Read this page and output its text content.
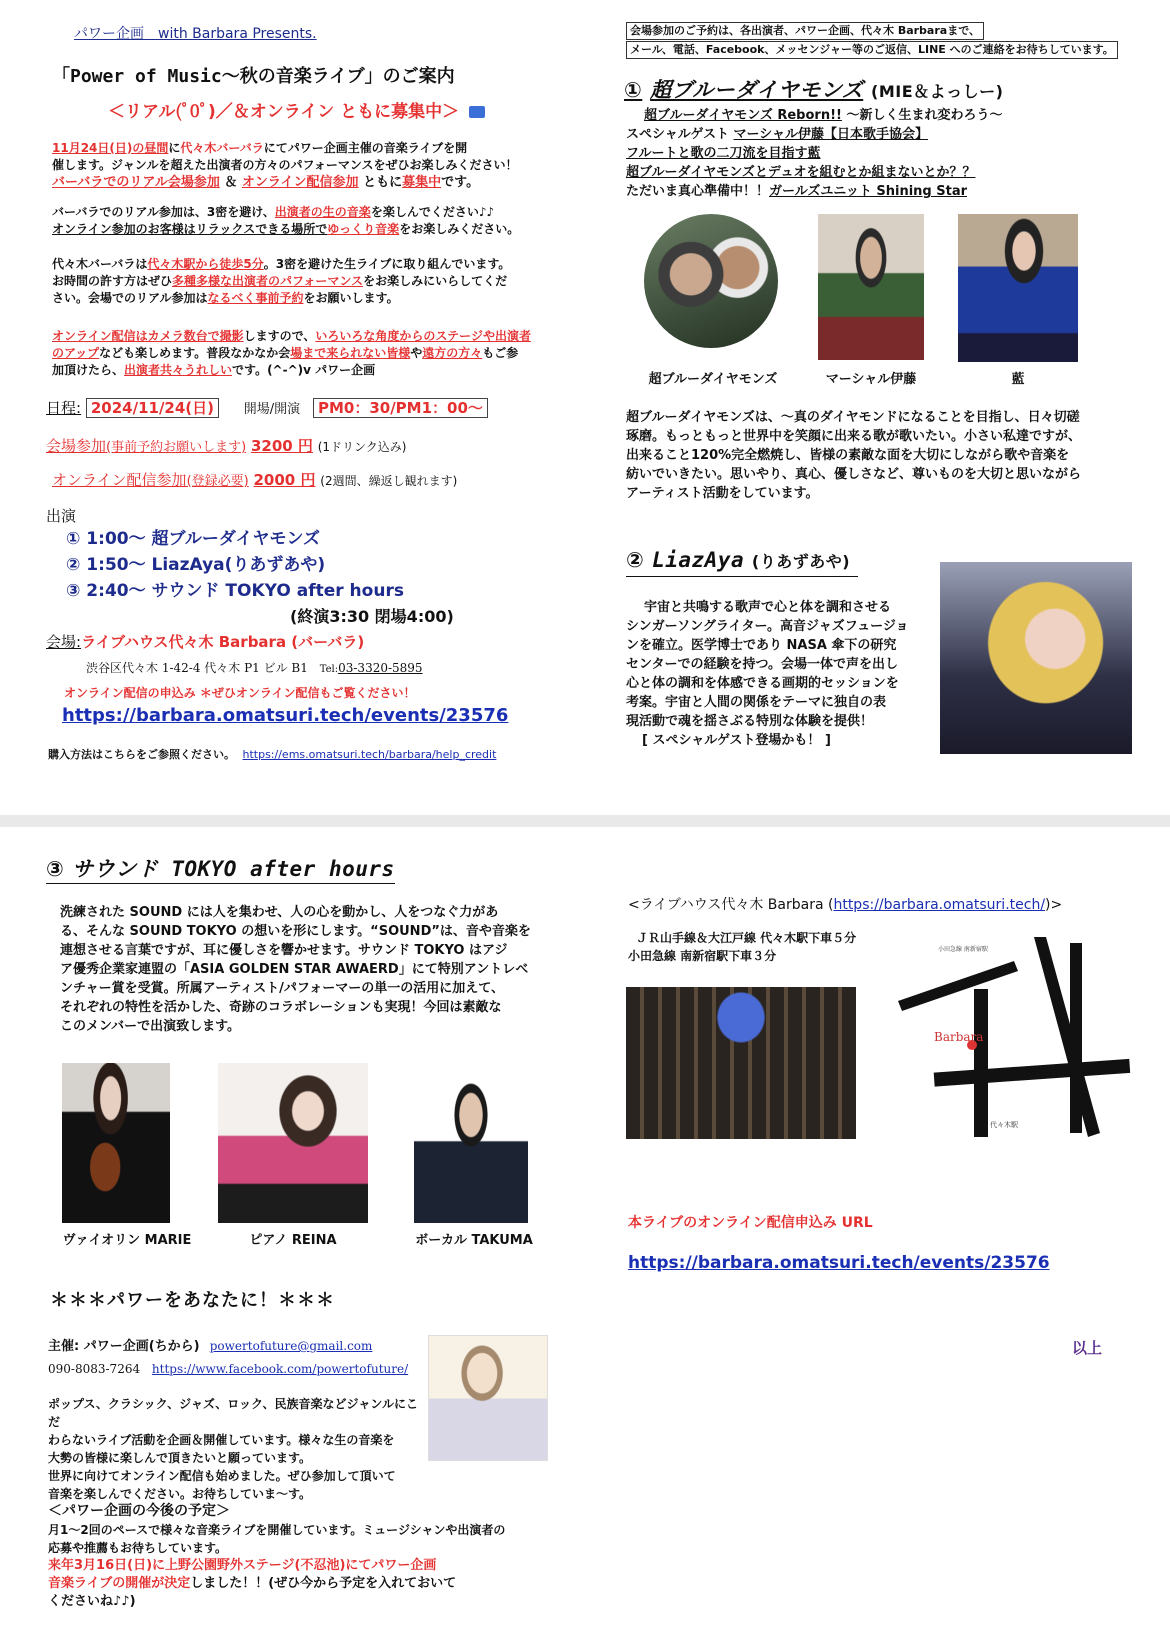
パワー企画　with Barbara Presents.
「Power of Music～秋の音楽ライブ」のご案内
＜リアル(ﾟ0ﾟ)／＆オンライン ともに募集中＞
11月24日(日)の昼間に代々木バーバラにてパワー企画主催の音楽ライブを開
催します。ジャンルを超えた出演者の方々のパフォーマンスをぜひお楽しみください！
バーバラでのリアル会場参加 ＆ オンライン配信参加 ともに募集中です。
バーバラでのリアル参加は、3密を避け、出演者の生の音楽を楽しんでください♪♪
オンライン参加のお客様はリラックスできる場所でゆっくり音楽をお楽しみください。
代々木バーバラは代々木駅から徒歩5分。3密を避けた生ライブに取り組んでいます。
お時間の許す方はぜひ多種多様な出演者のパフォーマンスをお楽しみにいらしてくだ
さい。会場でのリアル参加はなるべく事前予約をお願いします。
オンライン配信はカメラ数台で撮影しますので、いろいろな角度からのステージや出演者
のアップなども楽しめます。普段なかなか会場まで来られない皆様や遠方の方々もご参
加頂けたら、出演者共々うれしいです。(^-^)v パワー企画
日程: 2024/11/24(日) 開場/開演 PM0：30/PM1：00～
会場参加(事前予約お願いします) 3200 円 (1ドリンク込み)
オンライン配信参加(登録必要) 2000 円 (2週間、繰返し観れます)
出演
① 1:00～ 超ブルーダイヤモンズ
② 1:50～ LiazAya(りあずあや)
③ 2:40～ サウンド TOKYO after hours
(終演3:30 閉場4:00)
会場:ライブハウス代々木 Barbara (バーバラ)
渋谷区代々木 1-42-4 代々木 P1 ビル B1 Tel:03-3320-5895
オンライン配信の申込み ＊ぜひオンライン配信もご覧ください！
https://barbara.omatsuri.tech/events/23576
購入方法はこちらをご参照ください。 https://ems.omatsuri.tech/barbara/help_credit
会場参加のご予約は、各出演者、パワー企画、代々木 Barbaraまで、
メール、電話、Facebook、メッセンジャー等のご返信、LINE へのご連絡をお待ちしています。
① 超ブルーダイヤモンズ (MIE＆よっしー)
超ブルーダイヤモンズ Reborn!! ～新しく生まれ変わろう～
スペシャルゲスト マーシャル伊藤【日本歌手協会】
フルートと歌の二刀流を目指す藍
超ブルーダイヤモンズとデュオを組むとか組まないとか？？
ただいま真心準備中！！ガールズユニット Shining Star
超ブルーダイヤモンズ	マーシャル伊藤	藍
超ブルーダイヤモンズは、～真のダイヤモンドになることを目指し、日々切磋
琢磨。もっともっと世界中を笑顔に出来る歌が歌いたい。小さい私達ですが、
出来ること120%完全燃焼し、皆様の素敵な面を大切にしながら歌や音楽を
紡いでいきたい。思いやり、真心、優しさなど、尊いものを大切と思いながら
アーティスト活動をしています。
② LiazAya (りあずあや)
宇宙と共鳴する歌声で心と体を調和させる
シンガーソングライター。高音ジャズフュージョ
ンを確立。医学博士であり NASA 傘下の研究
センターでの経験を持つ。会場一体で声を出し
心と体の調和を体感できる画期的セッションを
考案。宇宙と人間の関係をテーマに独自の表
現活動で魂を揺さぶる特別な体験を提供！
[ スペシャルゲスト登場かも！ ]
③ サウンド TOKYO after hours
洗練された SOUND には人を集わせ、人の心を動かし、人をつなぐ力があ
る、そんな SOUND TOKYO の想いを形にします。“SOUND”は、音や音楽を
連想させる言葉ですが、耳に優しさを響かせます。サウンド TOKYO はアジ
ア優秀企業家連盟の「ASIA GOLDEN STAR AWAERD」にて特別アントレベ
ンチャー賞を受賞。所属アーティスト/パフォーマーの単一の活用に加えて、
それぞれの特性を活かした、奇跡のコラボレーションも実現！今回は素敵な
このメンバーで出演致します。
ヴァイオリン MARIE	ピアノ REINA	ボーカル TAKUMA
＊＊＊パワーをあなたに！＊＊＊
主催: パワー企画(ちから) powertofuture@gmail.com
090-8083-7264 https://www.facebook.com/powertofuture/
ポップス、クラシック、ジャズ、ロック、民族音楽などジャンルにこだ
わらないライブ活動を企画＆開催しています。様々な生の音楽を
大勢の皆様に楽しんで頂きたいと願っています。
世界に向けてオンライン配信も始めました。ぜひ参加して頂いて
音楽を楽しんでください。お待ちしていま～す。
＜パワー企画の今後の予定＞
月1～2回のペースで様々な音楽ライブを開催しています。ミュージシャンや出演者の
応募や推薦もお待ちしています。
来年3月16日(日)に上野公園野外ステージ(不忍池)にてパワー企画
音楽ライブの開催が決定しました！！(ぜひ今から予定を入れておいて
くださいね♪♪)
<ライブハウス代々木 Barbara (https://barbara.omatsuri.tech/)>
ＪＲ山手線＆大江戸線 代々木駅下車５分
小田急線 南新宿駅下車３分
Barbara
代々木駅
小田急線 南新宿駅
本ライブのオンライン配信申込み URL
https://barbara.omatsuri.tech/events/23576
以上
